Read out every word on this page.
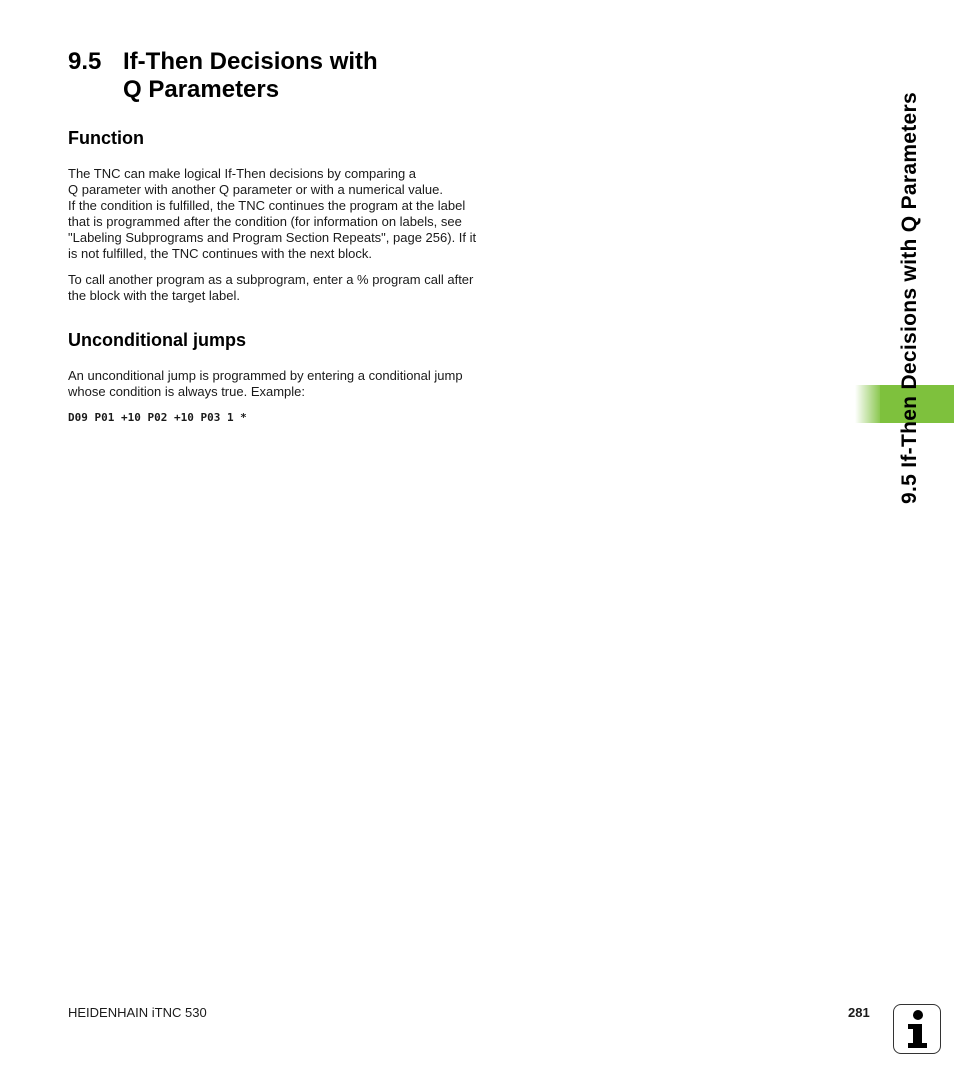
9.5 If-Then Decisions with
Q Parameters
Function

The TNC can make logical If-Then decisions by comparing a
Q parameter with another Q parameter or with a numerical value.
If the condition is fulfilled, the TNC continues the program at the label
that is programmed after the condition (for information on labels, see
"Labeling Subprograms and Program Section Repeats", page 256). If it
is not fulfilled, the TNC continues with the next block.

To call another program as a subprogram, enter a % program call after
the block with the target label.

Unconditional jumps

An unconditional jump is programmed by entering a conditional jump
whose condition is always true. Example:

D09 P01 +10 P02 +10 P03 1 *	9.5 If-Then Decisions with Q Parameters
HEIDENHAIN iTNC 530	281
